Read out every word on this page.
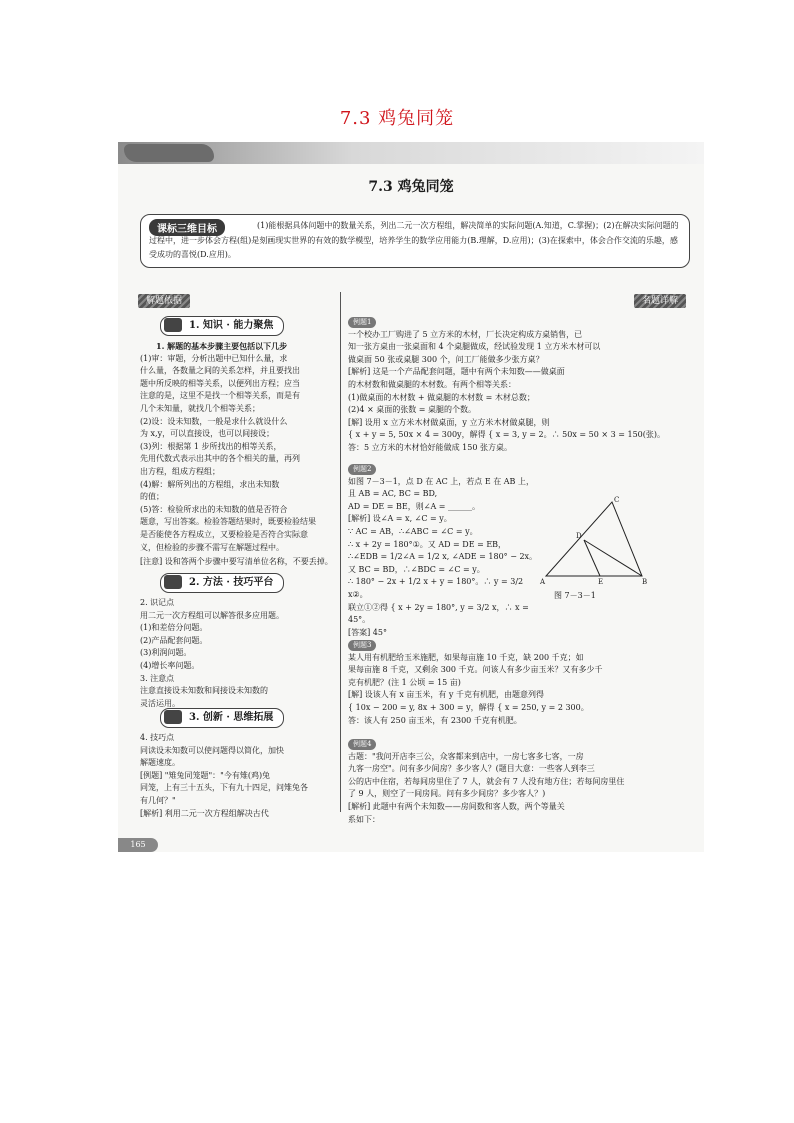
7.3 鸡兔同笼
7.3 鸡兔同笼
(1)能根据具体问题中的数量关系，列出二元一次方程组，解决简单的实际问题(A.知道，C.掌握)；(2)在解决实际问题的过程中，进一步体会方程(组)是刻画现实世界的有效的数学模型，培养学生的数学应用能力(B.理解，D.应用)；(3)在探索中，体会合作交流的乐趣，感受成功的喜悦(D.应用)。
课标三维目标
解题依据	名题详解
1. 知识 · 能力聚焦
1. 解题的基本步骤主要包括以下几步
(1)审：审题，分析出题中已知什么量，求
什么量，各数量之间的关系怎样，并且要找出
题中所反映的相等关系，以便列出方程；应当
注意的是，这里不是找一个相等关系，而是有
几个未知量，就找几个相等关系；
(2)设：设未知数，一般是求什么就设什么
为 x,y，可以直接设，也可以间接设；
(3)列：根据第 1 步所找出的相等关系，
先用代数式表示出其中的各个相关的量，再列
出方程，组成方程组；
(4)解：解所列出的方程组，求出未知数
的值；
(5)答：检验所求出的未知数的值是否符合
题意，写出答案。检验答题结果时，既要检验结果
是否能使各方程成立，又要检验是否符合实际意
义，但检验的步骤不需写在解题过程中。
[注意] 设和答两个步骤中要写清单位名称，不要丢掉。
2. 方法 · 技巧平台
2. 识记点
用二元一次方程组可以解答很多应用题。
(1)和差倍分问题。
(2)产品配套问题。
(3)利润问题。
(4)增长率问题。
3. 注意点
注意直接设未知数和间接设未知数的
灵活运用。
3. 创新 · 思维拓展
4. 技巧点
同读设未知数可以使问题得以简化，加快
解题速度。
[例题] "雉兔同笼题"："今有雉(鸡)兔
同笼，上有三十五头，下有九十四足，问雉兔各
有几何？"
[解析] 利用二元一次方程组解决古代
例题1
一个校办工厂购进了 5 立方米的木材，厂长决定构成方桌销售，已
知一张方桌由一张桌面和 4 个桌腿做成，经试验发现 1 立方米木材可以
做桌面 50 张或桌腿 300 个，问工厂能做多少张方桌？
[解析] 这是一个产品配套问题，题中有两个未知数——做桌面
的木材数和做桌腿的木材数。有两个相等关系：
(1)做桌面的木材数 + 做桌腿的木材数 = 木材总数；
(2)4 × 桌面的张数 = 桌腿的个数。
[解] 设用 x 立方米木材做桌面，y 立方米木材做桌腿，则
{ x + y = 5, 50x × 4 = 300y，解得 { x = 3, y = 2。∴ 50x = 50 × 3 = 150(张)。
答：5 立方米的木材恰好能做成 150 张方桌。
例题2
如图 7－3－1，点 D 在 AC 上，若点 E 在 AB 上，且 AB = AC, BC = BD,
AD = DE = BE，则∠A = ______。
[解析] 设∠A = x, ∠C = y。
∵ AC = AB，∴∠ABC = ∠C = y。
∴ x + 2y = 180°①。又 AD = DE = EB，
∴∠EDB = 1/2∠A = 1/2 x, ∠ADE = 180° − 2x。
又 BC = BD，∴∠BDC = ∠C = y。
∴ 180° − 2x + 1/2 x + y = 180°。∴ y = 3/2 x②。
联立①②得 { x + 2y = 180°, y = 3/2 x，∴ x = 45°。
[答案] 45°
A	B
C
D
E
图 7－3－1
例题3
某人用有机肥给玉米施肥，如果每亩施 10 千克，缺 200 千克；如
果每亩施 8 千克，又剩余 300 千克。问该人有多少亩玉米？又有多少千
克有机肥？(注 1 公顷 = 15 亩)
[解] 设该人有 x 亩玉米，有 y 千克有机肥，由题意列得
{ 10x − 200 = y, 8x + 300 = y，解得 { x = 250, y = 2 300。
答：该人有 250 亩玉米，有 2300 千克有机肥。
例题4
古题："我问开店李三公，众客都来到店中，一房七客多七客，一房
九客一房空"。问有多少间房？多少客人？(题目大意：一些客人到李三
公的店中住宿，若每间房里住了 7 人，就会有 7 人没有地方住；若每间房里住
了 9 人，则空了一间房间。问有多少间房？多少客人？)
[解析] 此题中有两个未知数——房间数和客人数，两个等量关
系如下：
165
